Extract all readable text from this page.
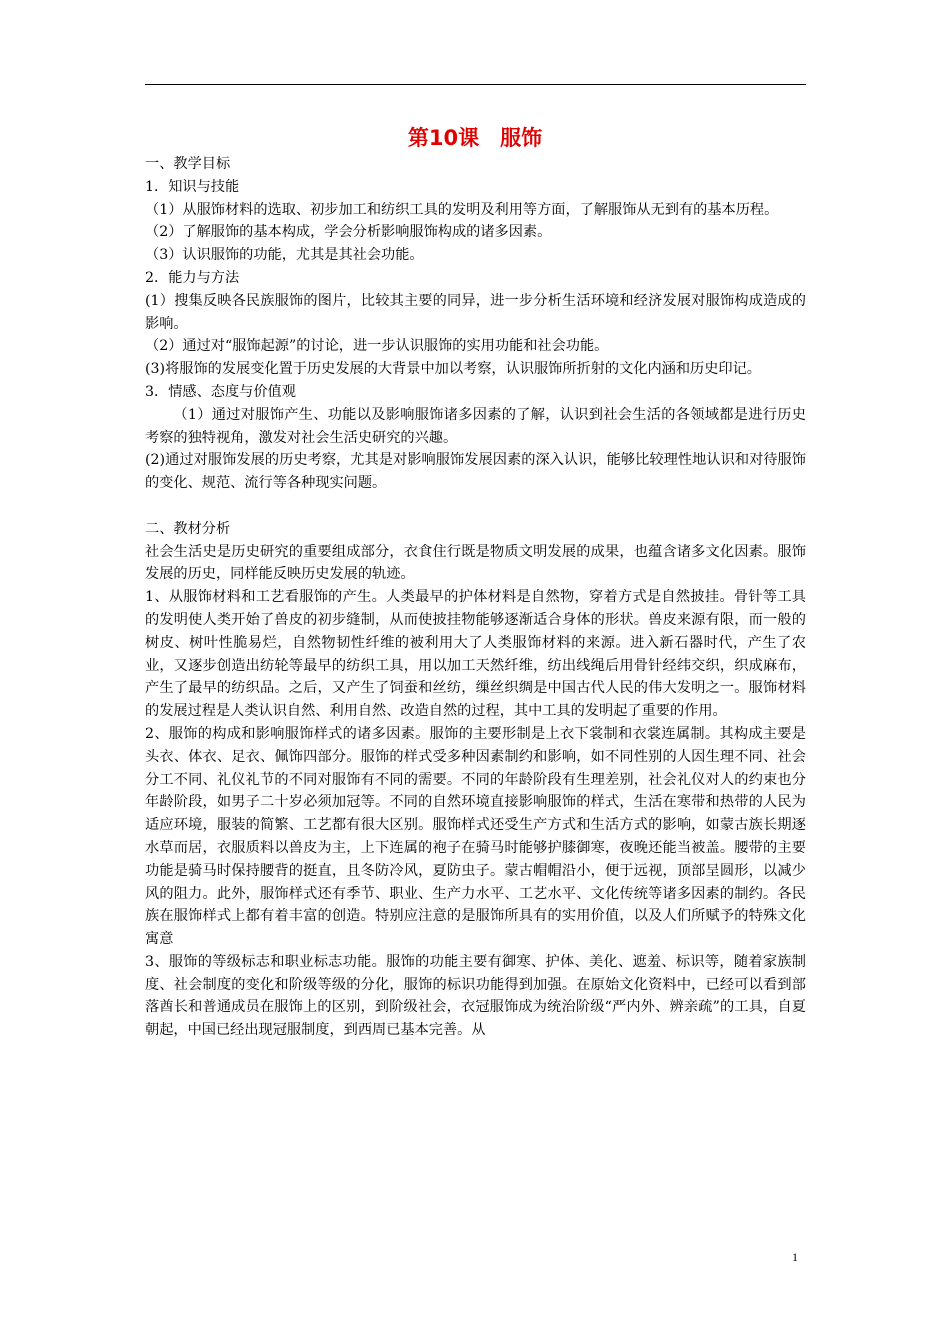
第10课　服饰

一、教学目标

1．知识与技能

（1）从服饰材料的选取、初步加工和纺织工具的发明及利用等方面，了解服饰从无到有的基本历程。

（2）了解服饰的基本构成，学会分析影响服饰构成的诸多因素。

（3）认识服饰的功能，尤其是其社会功能。

2．能力与方法

(1）搜集反映各民族服饰的图片，比较其主要的同异，进一步分析生活环境和经济发展对服饰构成造成的影响。

（2）通过对“服饰起源”的讨论，进一步认识服饰的实用功能和社会功能。

(3)将服饰的发展变化置于历史发展的大背景中加以考察，认识服饰所折射的文化内涵和历史印记。

3．情感、态度与价值观

（1）通过对服饰产生、功能以及影响服饰诸多因素的了解，认识到社会生活的各领域都是进行历史考察的独特视角，激发对社会生活史研究的兴趣。

(2)通过对服饰发展的历史考察，尤其是对影响服饰发展因素的深入认识，能够比较理性地认识和对待服饰的变化、规范、流行等各种现实问题。

二、教材分析

社会生活史是历史研究的重要组成部分，衣食住行既是物质文明发展的成果，也蕴含诸多文化因素。服饰发展的历史，同样能反映历史发展的轨迹。

1、从服饰材料和工艺看服饰的产生。人类最早的护体材料是自然物，穿着方式是自然披挂。骨针等工具的发明使人类开始了兽皮的初步缝制，从而使披挂物能够逐渐适合身体的形状。兽皮来源有限，而一般的树皮、树叶性脆易烂，自然物韧性纤维的被利用大了人类服饰材料的来源。进入新石器时代，产生了农业，又逐步创造出纺轮等最早的纺织工具，用以加工天然纤维，纺出线绳后用骨针经纬交织，织成麻布，产生了最早的纺织品。之后，又产生了饲蚕和丝纺，缫丝织绸是中国古代人民的伟大发明之一。服饰材料的发展过程是人类认识自然、利用自然、改造自然的过程，其中工具的发明起了重要的作用。

2、服饰的构成和影响服饰样式的诸多因素。服饰的主要形制是上衣下裳制和衣裳连属制。其构成主要是头衣、体衣、足衣、佩饰四部分。服饰的样式受多种因素制约和影响，如不同性别的人因生理不同、社会分工不同、礼仪礼节的不同对服饰有不同的需要。不同的年龄阶段有生理差别，社会礼仪对人的约束也分年龄阶段，如男子二十岁必须加冠等。不同的自然环境直接影响服饰的样式，生活在寒带和热带的人民为适应环境，服装的简繁、工艺都有很大区别。服饰样式还受生产方式和生活方式的影响，如蒙古族长期逐水草而居，衣服质料以兽皮为主，上下连属的袍子在骑马时能够护膝御寒，夜晚还能当被盖。腰带的主要功能是骑马时保持腰背的挺直，且冬防冷风，夏防虫子。蒙古帽帽沿小，便于远视，顶部呈圆形，以减少风的阻力。此外，服饰样式还有季节、职业、生产力水平、工艺水平、文化传统等诸多因素的制约。各民族在服饰样式上都有着丰富的创造。特别应注意的是服饰所具有的实用价值，以及人们所赋予的特殊文化寓意

3、服饰的等级标志和职业标志功能。服饰的功能主要有御寒、护体、美化、遮羞、标识等，随着家族制度、社会制度的变化和阶级等级的分化，服饰的标识功能得到加强。在原始文化资料中，已经可以看到部落酋长和普通成员在服饰上的区别，到阶级社会，衣冠服饰成为统治阶级“严内外、辨亲疏”的工具，自夏朝起，中国已经出现冠服制度，到西周已基本完善。从

1
